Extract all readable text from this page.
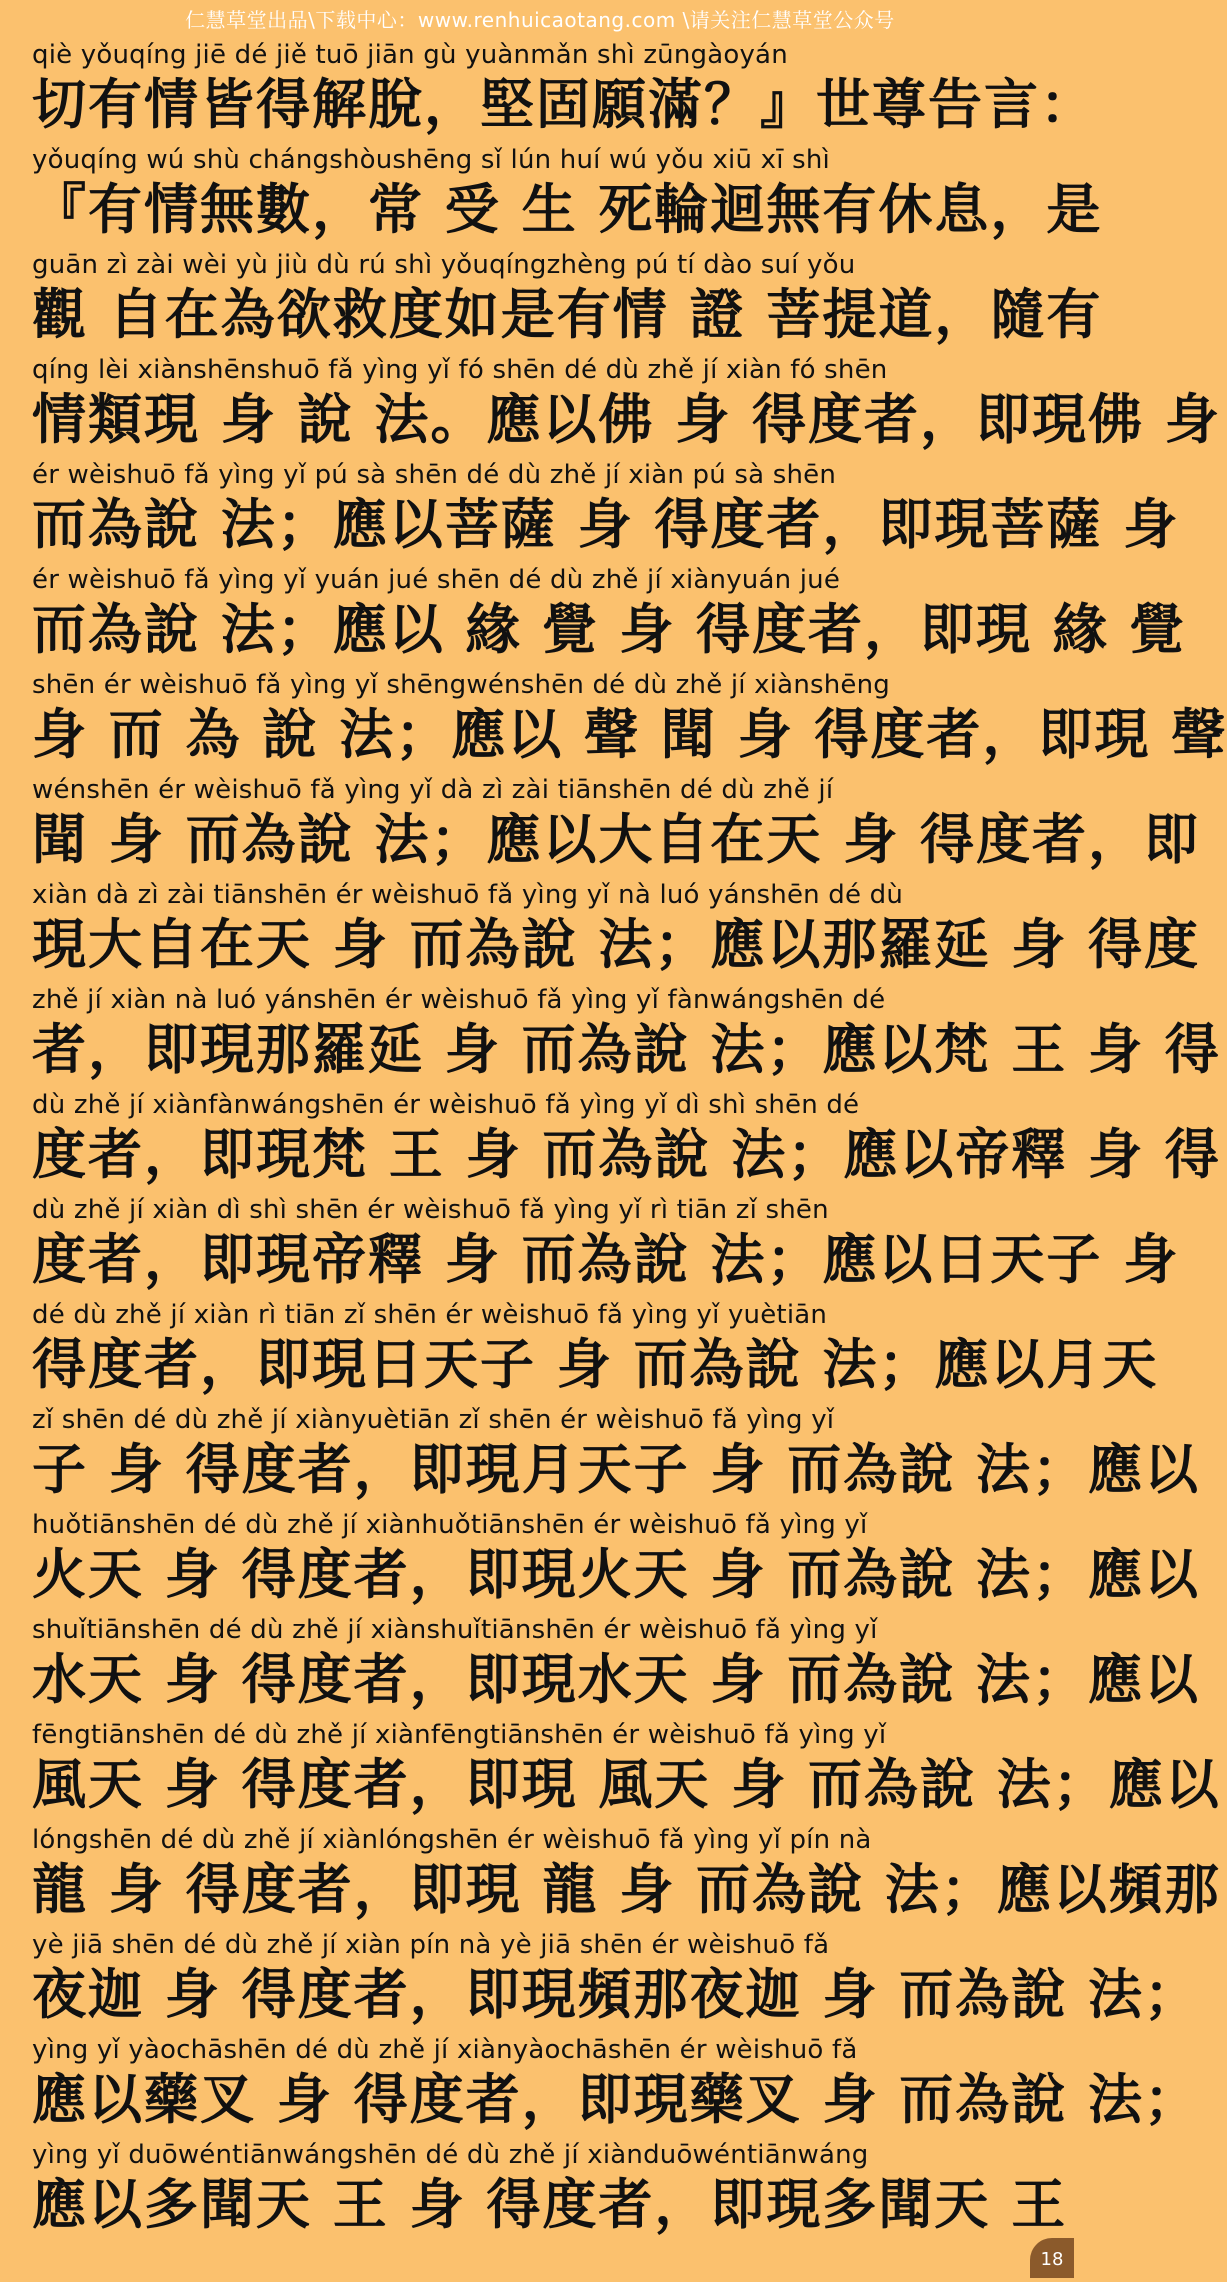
仁慧草堂出品\下载中心：www.renhuicaotang.com \请关注仁慧草堂公众号
qiè yǒuqíng jiē dé jiě tuō jiān gù yuànmǎn shì zūngàoyán
切有情皆得解脫，堅固願滿？』世尊告言：
yǒuqíng wú shù chángshòushēng sǐ lún huí wú yǒu xiū xī shì
『有情無數，常 受 生 死輪迴無有休息，是
guān zì zài wèi yù jiù dù rú shì yǒuqíngzhèng pú tí dào suí yǒu
觀 自在為欲救度如是有情 證 菩提道，隨有
qíng lèi xiànshēnshuō fǎ yìng yǐ fó shēn dé dù zhě jí xiàn fó shēn
情類現 身 說 法。應以佛 身 得度者，即現佛 身
ér wèishuō fǎ yìng yǐ pú sà shēn dé dù zhě jí xiàn pú sà shēn
而為說 法；應以菩薩 身 得度者，即現菩薩 身
ér wèishuō fǎ yìng yǐ yuán jué shēn dé dù zhě jí xiànyuán jué
而為說 法；應以 緣 覺 身 得度者，即現 緣 覺
shēn ér wèishuō fǎ yìng yǐ shēngwénshēn dé dù zhě jí xiànshēng
身 而 為 說 法；應以 聲 聞 身 得度者，即現 聲
wénshēn ér wèishuō fǎ yìng yǐ dà zì zài tiānshēn dé dù zhě jí
聞 身 而為說 法；應以大自在天 身 得度者，即
xiàn dà zì zài tiānshēn ér wèishuō fǎ yìng yǐ nà luó yánshēn dé dù
現大自在天 身 而為說 法；應以那羅延 身 得度
zhě jí xiàn nà luó yánshēn ér wèishuō fǎ yìng yǐ fànwángshēn dé
者，即現那羅延 身 而為說 法；應以梵 王 身 得
dù zhě jí xiànfànwángshēn ér wèishuō fǎ yìng yǐ dì shì shēn dé
度者，即現梵 王 身 而為說 法；應以帝釋 身 得
dù zhě jí xiàn dì shì shēn ér wèishuō fǎ yìng yǐ rì tiān zǐ shēn
度者，即現帝釋 身 而為說 法；應以日天子 身
dé dù zhě jí xiàn rì tiān zǐ shēn ér wèishuō fǎ yìng yǐ yuètiān
得度者，即現日天子 身 而為說 法；應以月天
zǐ shēn dé dù zhě jí xiànyuètiān zǐ shēn ér wèishuō fǎ yìng yǐ
子 身 得度者，即現月天子 身 而為說 法；應以
huǒtiānshēn dé dù zhě jí xiànhuǒtiānshēn ér wèishuō fǎ yìng yǐ
火天 身 得度者，即現火天 身 而為說 法；應以
shuǐtiānshēn dé dù zhě jí xiànshuǐtiānshēn ér wèishuō fǎ yìng yǐ
水天 身 得度者，即現水天 身 而為說 法；應以
fēngtiānshēn dé dù zhě jí xiànfēngtiānshēn ér wèishuō fǎ yìng yǐ
風天 身 得度者，即現 風天 身 而為說 法；應以
lóngshēn dé dù zhě jí xiànlóngshēn ér wèishuō fǎ yìng yǐ pín nà
龍 身 得度者，即現 龍 身 而為說 法；應以頻那
yè jiā shēn dé dù zhě jí xiàn pín nà yè jiā shēn ér wèishuō fǎ
夜迦 身 得度者，即現頻那夜迦 身 而為說 法；
yìng yǐ yàochāshēn dé dù zhě jí xiànyàochāshēn ér wèishuō fǎ
應以藥叉 身 得度者，即現藥叉 身 而為說 法；
yìng yǐ duōwéntiānwángshēn dé dù zhě jí xiànduōwéntiānwáng
應以多聞天 王 身 得度者，即現多聞天 王
18
